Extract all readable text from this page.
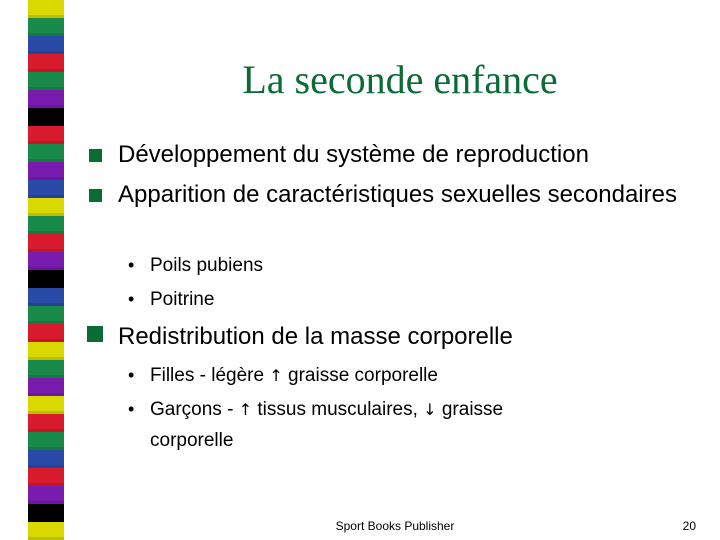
La seconde enfance
Développement du système de reproduction
Apparition de caractéristiques sexuelles secondaires
• Poils pubiens
• Poitrine
Redistribution de la masse corporelle
• Filles - légère ↑ graisse corporelle
• Garçons - ↑ tissus musculaires, ↓ graisse
corporelle
Sport Books Publisher	20
